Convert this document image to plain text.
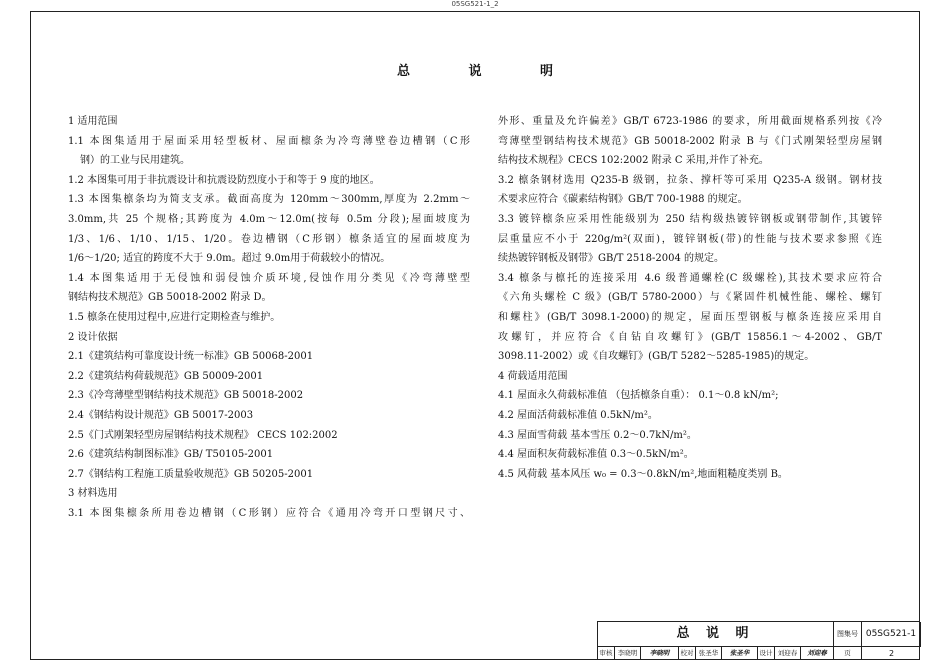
05SG521-1_2
总 说 明
1 适用范围
1.1 本图集适用于屋面采用轻型板材、屋面檩条为冷弯薄壁卷边槽钢（C形
钢）的工业与民用建筑。
1.2 本图集可用于非抗震设计和抗震设防烈度小于和等于 9 度的地区。
1.3 本图集檩条均为简支支承。截面高度为 120mm～300mm,厚度为 2.2mm～
3.0mm,共 25 个规格;其跨度为 4.0m～12.0m(按每 0.5m 分段);屋面坡度为
1/3、1/6、1/10、1/15、1/20。卷边槽钢（C形钢）檩条适宜的屋面坡度为
1/6～1/20; 适宜的跨度不大于 9.0m。超过 9.0m用于荷载较小的情况。
1.4 本图集适用于无侵蚀和弱侵蚀介质环境,侵蚀作用分类见《冷弯薄壁型
钢结构技术规范》GB 50018-2002 附录 D。
1.5 檩条在使用过程中,应进行定期检查与维护。
2 设计依据
2.1《建筑结构可靠度设计统一标准》GB 50068-2001
2.2《建筑结构荷载规范》GB 50009-2001
2.3《冷弯薄壁型钢结构技术规范》GB 50018-2002
2.4《钢结构设计规范》GB 50017-2003
2.5《门式刚架轻型房屋钢结构技术规程》 CECS 102:2002
2.6《建筑结构制图标准》GB/ T50105-2001
2.7《钢结构工程施工质量验收规范》GB 50205-2001
3 材料选用
3.1 本图集檩条所用卷边槽钢（C形钢）应符合《通用冷弯开口型钢尺寸、
外形、重量及允许偏差》GB/T 6723-1986 的要求，所用截面规格系列按《冷
弯薄壁型钢结构技术规范》GB 50018-2002 附录 B 与《门式刚架轻型房屋钢
结构技术规程》CECS 102:2002 附录 C 采用,并作了补充。
3.2 檩条钢材选用 Q235-B 级钢，拉条、撑杆等可采用 Q235-A 级钢。钢材技
术要求应符合《碳素结构钢》GB/T 700-1988 的规定。
3.3 镀锌檩条应采用性能级别为 250 结构级热镀锌钢板或钢带制作,其镀锌
层重量应不小于 220g/m²(双面)，镀锌钢板(带)的性能与技术要求参照《连
续热镀锌钢板及钢带》GB/T 2518-2004 的规定。
3.4 檩条与檩托的连接采用 4.6 级普通螺栓(C 级螺栓),其技术要求应符合
《六角头螺栓 C 级》(GB/T 5780-2000）与《紧固件机械性能、螺栓、螺钉
和螺柱》(GB/T 3098.1-2000)的规定，屋面压型钢板与檩条连接应采用自
攻螺钉，并应符合《自钻自攻螺钉》(GB/T 15856.1～4-2002、GB/T
3098.11-2002）或《自攻螺钉》(GB/T 5282～5285-1985)的规定。
4 荷载适用范围
4.1 屋面永久荷载标准值 （包括檩条自重）： 0.1～0.8 kN/m²;
4.2 屋面活荷载标准值 0.5kN/m²。
4.3 屋面雪荷载 基本雪压 0.2～0.7kN/m²。
4.4 屋面积灰荷载标准值 0.3～0.5kN/m²。
4.5 风荷载 基本风压 w₀ = 0.3～0.8kN/m²,地面粗糙度类别 B。
总 说 明	图集号 05SG521-1
审核 李晓明	李晓明	校对 张圣华	张圣华	设计 刘迎春	刘迎春	页	2
